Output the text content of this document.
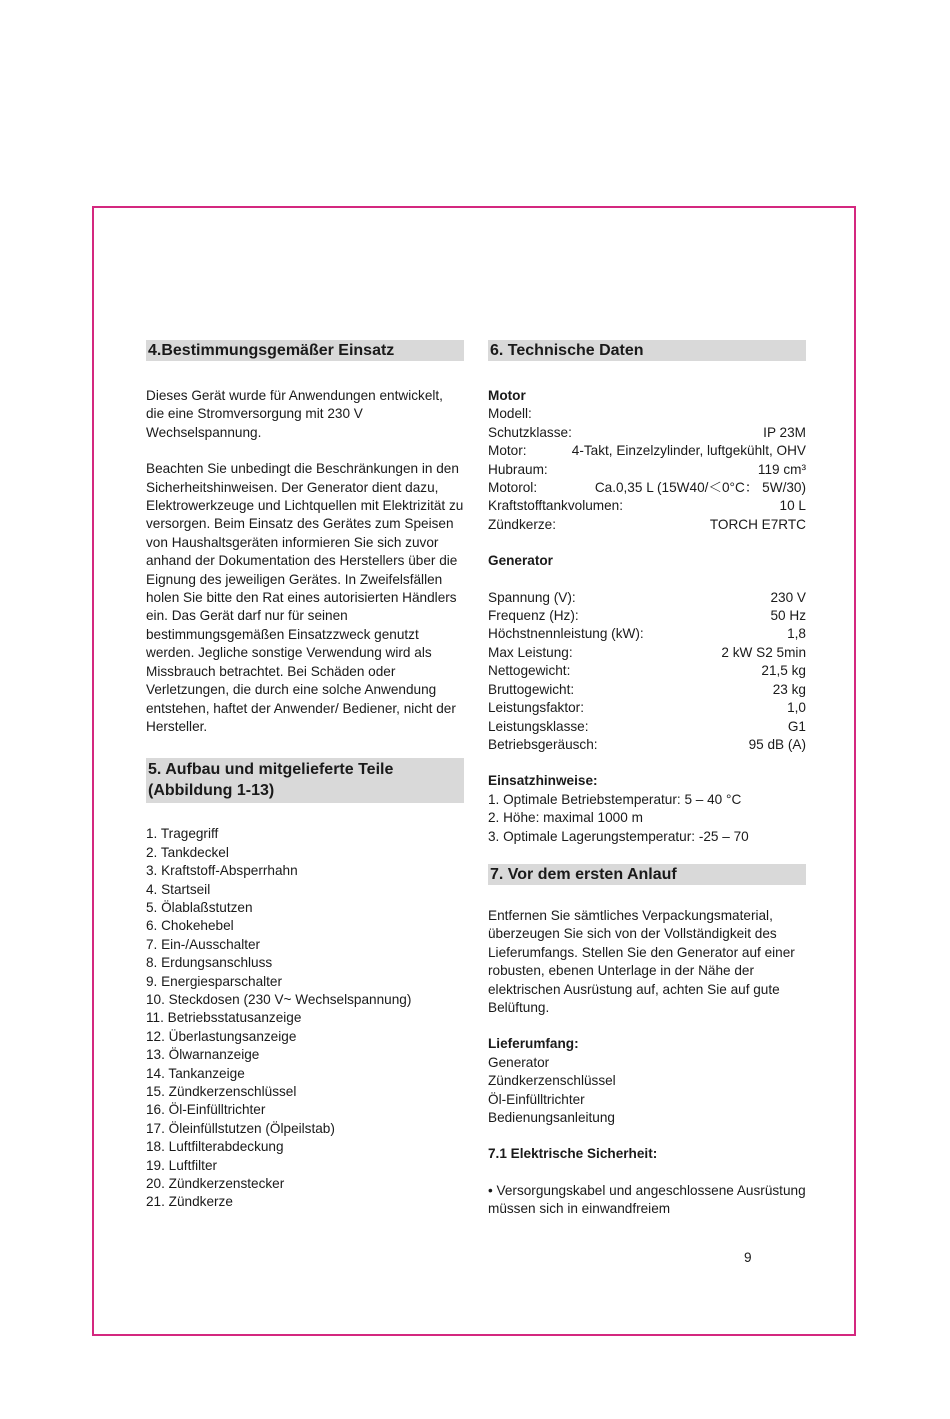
4.Bestimmungsgemäßer Einsatz

Dieses Gerät wurde für Anwendungen entwickelt, die eine Stromversorgung mit 230 V Wechselspannung.

Beachten Sie unbedingt die Beschränkungen in den Sicherheitshinweisen. Der Generator dient dazu, Elektrowerkzeuge und Lichtquellen mit Elektrizität zu versorgen. Beim Einsatz des Gerätes zum Speisen von Haushaltsgeräten informieren Sie sich zuvor anhand der Dokumentation des Herstellers über die Eignung des jeweiligen Gerätes. In Zweifelsfällen holen Sie bitte den Rat eines autorisierten Händlers ein. Das Gerät darf nur für seinen bestimmungsgemäßen Einsatzzweck genutzt werden. Jegliche sonstige Verwendung wird als Missbrauch betrachtet. Bei Schäden oder Verletzungen, die durch eine solche Anwendung entstehen, haftet der Anwender/ Bediener, nicht der Hersteller.

5. Aufbau und mitgelieferte Teile (Abbildung 1-13)
1. Tragegriff
2. Tankdeckel
3. Kraftstoff-Absperrhahn
4. Startseil
5. Ölablaßstutzen
6. Chokehebel
7. Ein-/Ausschalter
8. Erdungsanschluss
9. Energiesparschalter
10. Steckdosen (230 V~ Wechselspannung)
11. Betriebsstatusanzeige
12. Überlastungsanzeige
13. Ölwarnanzeige
14. Tankanzeige
15. Zündkerzenschlüssel
16. Öl-Einfülltrichter
17. Öleinfüllstutzen (Ölpeilstab)
18. Luftfilterabdeckung
19. Luftfilter
20. Zündkerzenstecker
21. Zündkerze
6. Technische Daten

Motor

Modell:
Schutzklasse:	IP 23M
Motor:	4-Takt, Einzelzylinder, luftgekühlt, OHV
Hubraum:	119 cm³
Motorol:	Ca.0,35 L (15W40/＜0°C： 5W/30)
Kraftstofftankvolumen:	10 L
Zündkerze:	TORCH E7RTC

Generator

Spannung (V):	230 V
Frequenz (Hz):	50 Hz
Höchstnennleistung (kW):	1,8
Max Leistung:	2 kW S2 5min
Nettogewicht:	21,5 kg
Bruttogewicht:	23 kg
Leistungsfaktor:	1,0
Leistungsklasse:	G1
Betriebsgeräusch:	95 dB (A)

Einsatzhinweise:

1. Optimale Betriebstemperatur: 5 – 40 °C

2. Höhe: maximal 1000 m

3. Optimale Lagerungstemperatur: -25 – 70

7. Vor dem ersten Anlauf

Entfernen Sie sämtliches Verpackungsmaterial, überzeugen Sie sich von der Vollständigkeit des Lieferumfangs. Stellen Sie den Generator auf einer robusten, ebenen Unterlage in der Nähe der elektrischen Ausrüstung auf, achten Sie auf gute Belüftung.

Lieferumfang:

Generator

Zündkerzenschlüssel

Öl-Einfülltrichter

Bedienungsanleitung

7.1 Elektrische Sicherheit:

• Versorgungskabel und angeschlossene Ausrüstung müssen sich in einwandfreiem

9
